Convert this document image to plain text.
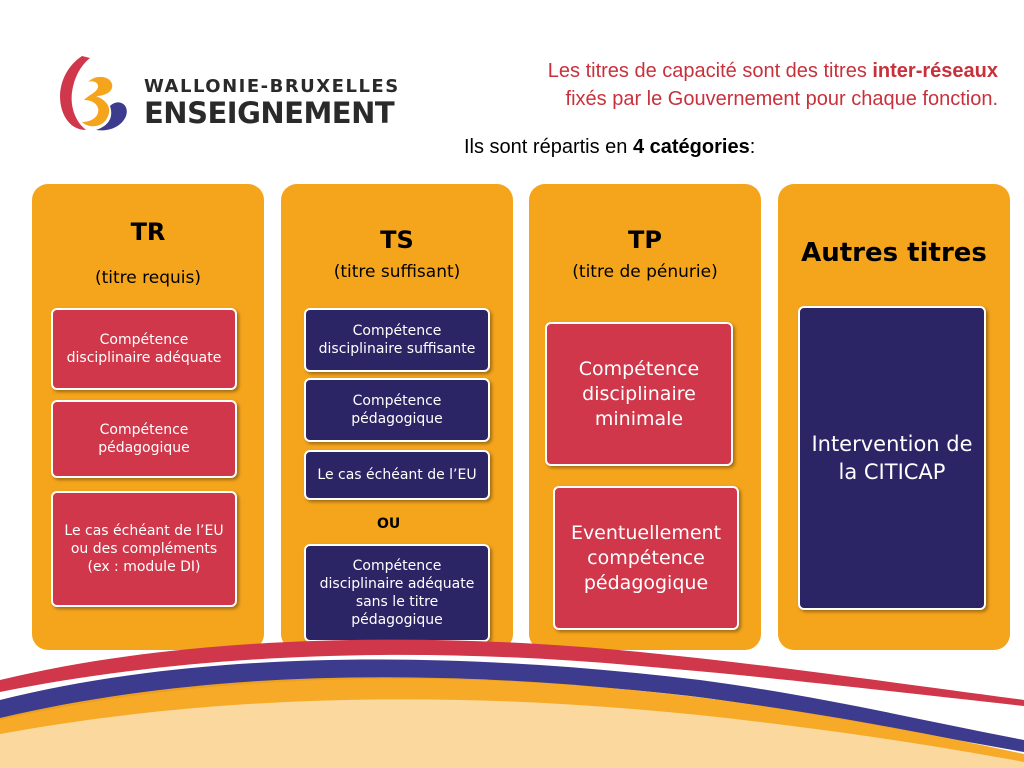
WALLONIE-BRUXELLES
ENSEIGNEMENT
Les titres de capacité sont des titres inter-réseaux
fixés par le Gouvernement pour chaque fonction.
Ils sont répartis en 4 catégories:
TR
(titre requis)
Compétence disciplinaire adéquate
Compétence pédagogique
Le cas échéant de l’EU ou des compléments (ex : module DI)
TS
(titre suffisant)
Compétence disciplinaire suffisante
Compétence pédagogique
Le cas échéant de l’EU
OU
Compétence disciplinaire adéquate sans le titre pédagogique
TP
(titre de pénurie)
Compétence disciplinaire minimale
Eventuellement compétence pédagogique
Autres titres
Intervention de la CITICAP
